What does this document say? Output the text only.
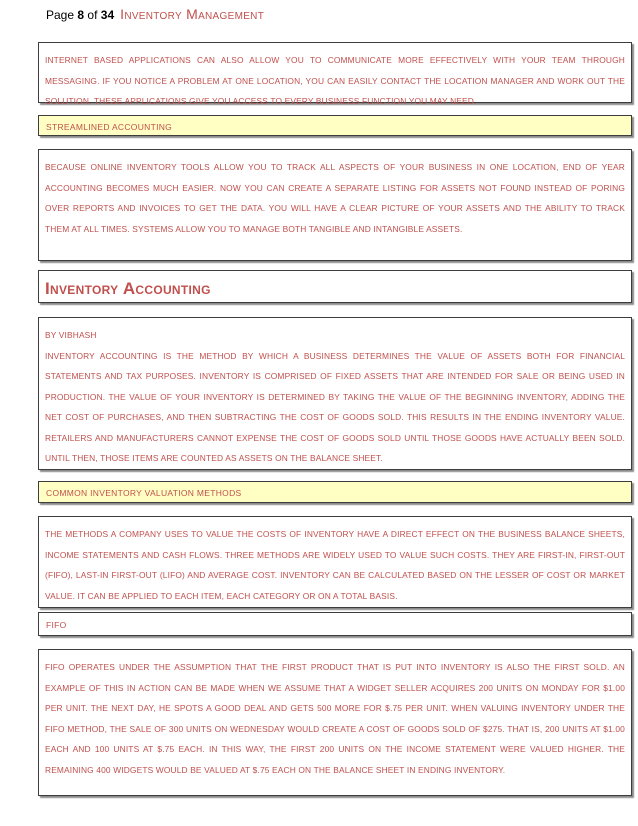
Page 8 of 34 Inventory Management

INTERNET BASED APPLICATIONS CAN ALSO ALLOW YOU TO COMMUNICATE MORE EFFECTIVELY WITH YOUR TEAM THROUGH MESSAGING. IF YOU NOTICE A PROBLEM AT ONE LOCATION, YOU CAN EASILY CONTACT THE LOCATION MANAGER AND WORK OUT THE SOLUTION. THESE APPLICATIONS GIVE YOU ACCESS TO EVERY BUSINESS FUNCTION YOU MAY NEED.

STREAMLINED ACCOUNTING

BECAUSE ONLINE INVENTORY TOOLS ALLOW YOU TO TRACK ALL ASPECTS OF YOUR BUSINESS IN ONE LOCATION, END OF YEAR ACCOUNTING BECOMES MUCH EASIER. NOW YOU CAN CREATE A SEPARATE LISTING FOR ASSETS NOT FOUND INSTEAD OF PORING OVER REPORTS AND INVOICES TO GET THE DATA. YOU WILL HAVE A CLEAR PICTURE OF YOUR ASSETS AND THE ABILITY TO TRACK THEM AT ALL TIMES. SYSTEMS ALLOW YOU TO MANAGE BOTH TANGIBLE AND INTANGIBLE ASSETS.

Inventory Accounting

BY VIBHASH

INVENTORY ACCOUNTING IS THE METHOD BY WHICH A BUSINESS DETERMINES THE VALUE OF ASSETS BOTH FOR FINANCIAL STATEMENTS AND TAX PURPOSES. INVENTORY IS COMPRISED OF FIXED ASSETS THAT ARE INTENDED FOR SALE OR BEING USED IN PRODUCTION. THE VALUE OF YOUR INVENTORY IS DETERMINED BY TAKING THE VALUE OF THE BEGINNING INVENTORY, ADDING THE NET COST OF PURCHASES, AND THEN SUBTRACTING THE COST OF GOODS SOLD. THIS RESULTS IN THE ENDING INVENTORY VALUE. RETAILERS AND MANUFACTURERS CANNOT EXPENSE THE COST OF GOODS SOLD UNTIL THOSE GOODS HAVE ACTUALLY BEEN SOLD. UNTIL THEN, THOSE ITEMS ARE COUNTED AS ASSETS ON THE BALANCE SHEET.

COMMON INVENTORY VALUATION METHODS

THE METHODS A COMPANY USES TO VALUE THE COSTS OF INVENTORY HAVE A DIRECT EFFECT ON THE BUSINESS BALANCE SHEETS, INCOME STATEMENTS AND CASH FLOWS. THREE METHODS ARE WIDELY USED TO VALUE SUCH COSTS. THEY ARE FIRST-IN, FIRST-OUT (FIFO), LAST-IN FIRST-OUT (LIFO) AND AVERAGE COST. INVENTORY CAN BE CALCULATED BASED ON THE LESSER OF COST OR MARKET VALUE. IT CAN BE APPLIED TO EACH ITEM, EACH CATEGORY OR ON A TOTAL BASIS.

FIFO

FIFO OPERATES UNDER THE ASSUMPTION THAT THE FIRST PRODUCT THAT IS PUT INTO INVENTORY IS ALSO THE FIRST SOLD. AN EXAMPLE OF THIS IN ACTION CAN BE MADE WHEN WE ASSUME THAT A WIDGET SELLER ACQUIRES 200 UNITS ON MONDAY FOR $1.00 PER UNIT. THE NEXT DAY, HE SPOTS A GOOD DEAL AND GETS 500 MORE FOR $.75 PER UNIT. WHEN VALUING INVENTORY UNDER THE FIFO METHOD, THE SALE OF 300 UNITS ON WEDNESDAY WOULD CREATE A COST OF GOODS SOLD OF $275. THAT IS, 200 UNITS AT $1.00 EACH AND 100 UNITS AT $.75 EACH. IN THIS WAY, THE FIRST 200 UNITS ON THE INCOME STATEMENT WERE VALUED HIGHER. THE REMAINING 400 WIDGETS WOULD BE VALUED AT $.75 EACH ON THE BALANCE SHEET IN ENDING INVENTORY.
